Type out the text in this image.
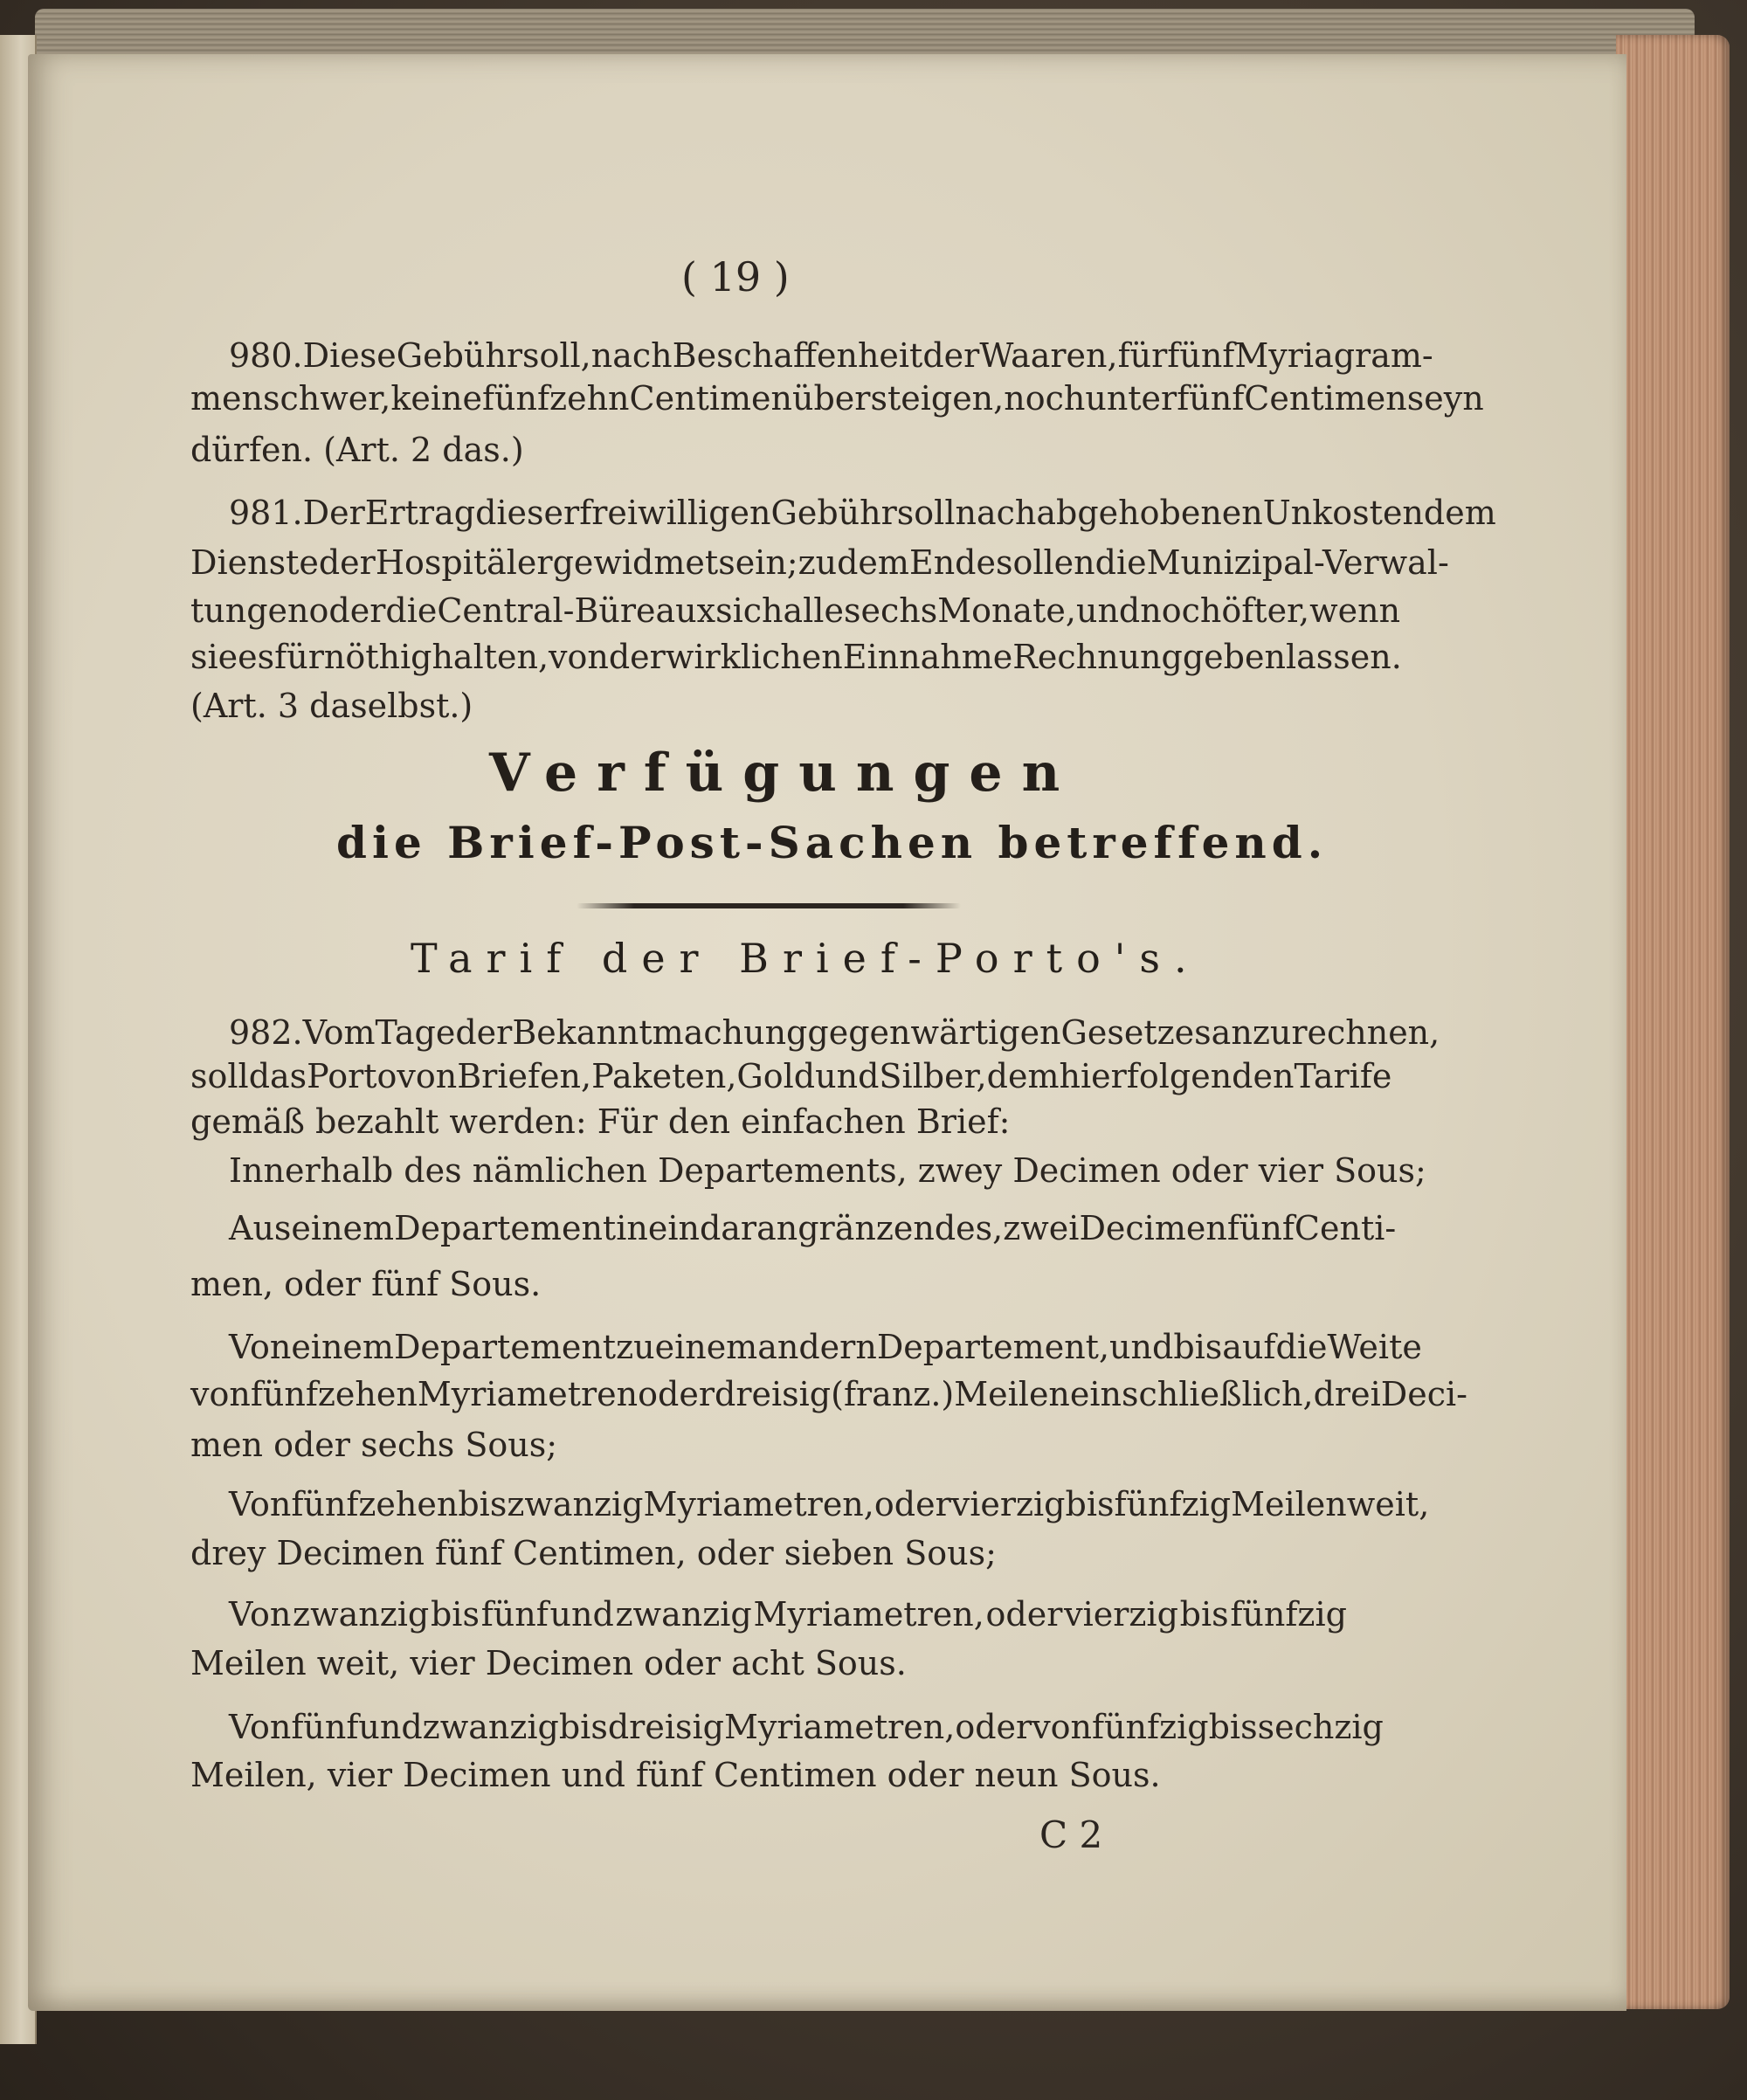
( 19 )
980. Diese Gebühr soll, nach Beschaffenheit der Waaren, für fünf Myriagram-
men schwer, keine fünfzehn Centimen übersteigen, noch unter fünf Centimen seyn
dürfen. (Art. 2 das.)
981. Der Ertrag dieser freiwilligen Gebühr soll nach abgehobenen Unkosten dem
Dienste der Hospitäler gewidmet sein; zu dem Ende sollen die Munizipal-Verwal-
tungen oder die Central-Büreaux sich alle sechs Monate, und noch öfter, wenn
sie es für nöthig halten, von der wirklichen Einnahme Rechnung geben lassen.
(Art. 3 daselbst.)
Verfügungen
die Brief-Post-Sachen betreffend.
Tarif der Brief-Porto's.
982. Vom Tage der Bekanntmachung gegenwärtigen Gesetzes an zu rechnen,
soll das Porto von Briefen, Paketen, Gold und Silber, dem hier folgenden Tarife
gemäß bezahlt werden: Für den einfachen Brief:
Innerhalb des nämlichen Departements, zwey Decimen oder vier Sous;
Aus einem Departement in ein daran gränzendes, zwei Decimen fünf Centi-
men, oder fünf Sous.
Von einem Departement zu einem andern Departement, und bis auf die Weite
von fünfzehen Myriametren oder dreisig (franz.) Meilen einschließlich, drei Deci-
men oder sechs Sous;
Von fünfzehen bis zwanzig Myriametren, oder vierzig bis fünfzig Meilen weit,
drey Decimen fünf Centimen, oder sieben Sous;
Von zwanzig bis fünf und zwanzig Myriametren, oder vierzig bis fünfzig
Meilen weit, vier Decimen oder acht Sous.
Von fünf und zwanzig bis dreisig Myriametren, oder von fünfzig bis sechzig
Meilen, vier Decimen und fünf Centimen oder neun Sous.
C 2
